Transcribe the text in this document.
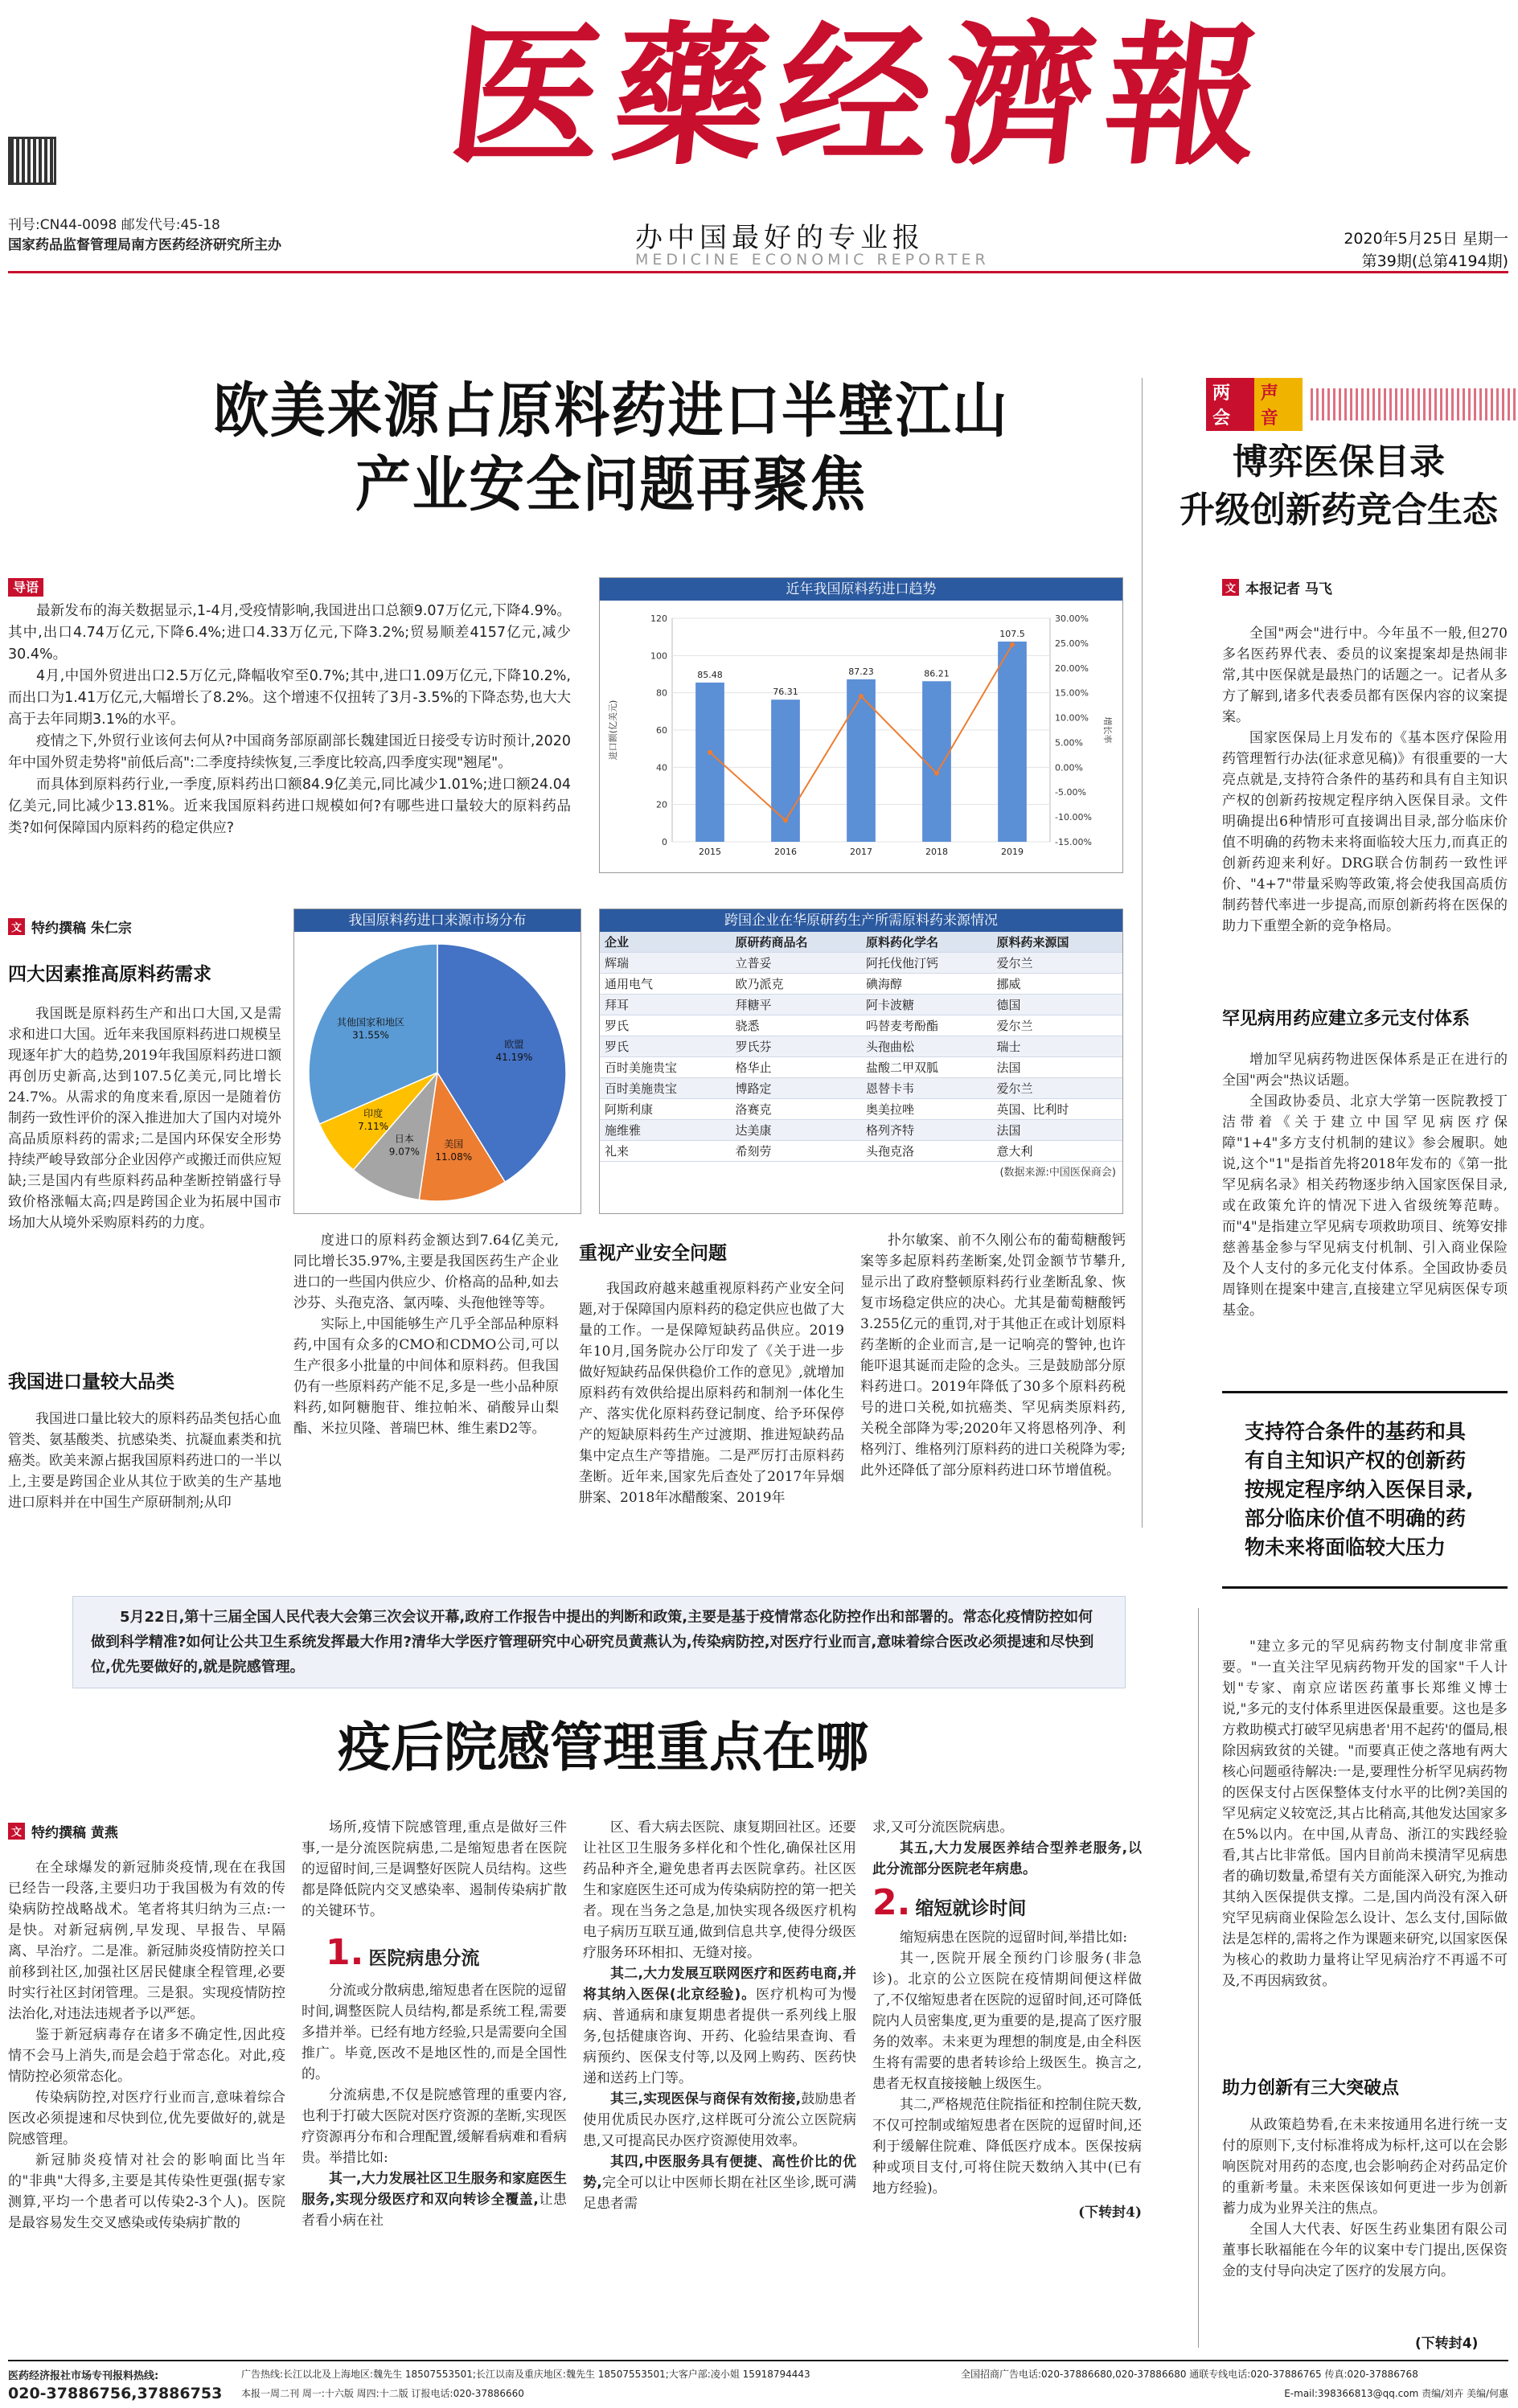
刊号:CN44-0098 邮发代号:45-18
国家药品监督管理局南方医药经济研究所主办
医藥经濟報
办中国最好的专业报
MEDICINE ECONOMIC REPORTER
2020年5月25日 星期一
第39期(总第4194期)
欧美来源占原料药进口半壁江山
产业安全问题再聚焦
导语

最新发布的海关数据显示,1-4月,受疫情影响,我国进出口总额9.07万亿元,下降4.9%。其中,出口4.74万亿元,下降6.4%;进口4.33万亿元,下降3.2%;贸易顺差4157亿元,减少30.4%。

4月,中国外贸进出口2.5万亿元,降幅收窄至0.7%;其中,进口1.09万亿元,下降10.2%,而出口为1.41万亿元,大幅增长了8.2%。这个增速不仅扭转了3月-3.5%的下降态势,也大大高于去年同期3.1%的水平。

疫情之下,外贸行业该何去何从?中国商务部原副部长魏建国近日接受专访时预计,2020年中国外贸走势将"前低后高":二季度持续恢复,三季度比较高,四季度实现"翘尾"。

而具体到原料药行业,一季度,原料药出口额84.9亿美元,同比减少1.01%;进口额24.04亿美元,同比减少13.81%。近来我国原料药进口规模如何?有哪些进口量较大的原料药品类?如何保障国内原料药的稳定供应?

近年我国原料药进口趋势
0
20
40
60
80
100
120	30.00%
25.00%
20.00%
15.00%
10.00%
5.00%
0.00%
-5.00%
-10.00%
-15.00%
进口额(亿美元)	增长率
85.48
2015
76.31
2016
87.23
2017
86.21
2018
107.5
2019
文 特约撰稿 朱仁宗
四大因素推高原料药需求

我国既是原料药生产和出口大国,又是需求和进口大国。近年来我国原料药进口规模呈现逐年扩大的趋势,2019年我国原料药进口额再创历史新高,达到107.5亿美元,同比增长24.7%。从需求的角度来看,原因一是随着仿制药一致性评价的深入推进加大了国内对境外高品质原料药的需求;二是国内环保安全形势持续严峻导致部分企业因停产或搬迁而供应短缺;三是国内有些原料药品种垄断控销盛行导致价格涨幅太高;四是跨国企业为拓展中国市场加大从境外采购原料药的力度。

我国进口量较大品类

我国进口量比较大的原料药品类包括心血管类、氨基酸类、抗感染类、抗凝血素类和抗癌类。欧美来源占据我国原料药进口的一半以上,主要是跨国企业从其位于欧美的生产基地进口原料并在中国生产原研制剂;从印

我国原料药进口来源市场分布
欧盟
41.19%
美国
11.08%
日本
9.07%
印度
7.11%
其他国家和地区
31.55%
跨国企业在华原研药生产所需原料药来源情况
企业	原研药商品名	原料药化学名	原料药来源国
辉瑞	立普妥	阿托伐他汀钙	爱尔兰
通用电气	欧乃派克	碘海醇	挪威
拜耳	拜糖平	阿卡波糖	德国
罗氏	骁悉	吗替麦考酚酯	爱尔兰
罗氏	罗氏芬	头孢曲松	瑞士
百时美施贵宝	格华止	盐酸二甲双胍	法国
百时美施贵宝	博路定	恩替卡韦	爱尔兰
阿斯利康	洛赛克	奥美拉唑	英国、比利时
施维雅	达美康	格列齐特	法国
礼来	希刻劳	头孢克洛	意大利
(数据来源:中国医保商会)

度进口的原料药金额达到7.64亿美元,同比增长35.97%,主要是我国医药生产企业进口的一些国内供应少、价格高的品种,如去沙芬、头孢克洛、氯丙嗪、头孢他锉等等。

实际上,中国能够生产几乎全部品种原料药,中国有众多的CMO和CDMO公司,可以生产很多小批量的中间体和原料药。但我国仍有一些原料药产能不足,多是一些小品种原料药,如阿糖胞苷、维拉帕米、硝酸异山梨酯、米拉贝隆、普瑞巴林、维生素D2等。

重视产业安全问题

我国政府越来越重视原料药产业安全问题,对于保障国内原料药的稳定供应也做了大量的工作。一是保障短缺药品供应。2019年10月,国务院办公厅印发了《关于进一步做好短缺药品保供稳价工作的意见》,就增加原料药有效供给提出原料药和制剂一体化生产、落实优化原料药登记制度、给予环保停产的短缺原料药生产过渡期、推进短缺药品集中定点生产等措施。二是严厉打击原料药垄断。近年来,国家先后查处了2017年异烟肼案、2018年冰醋酸案、2019年

扑尔敏案、前不久刚公布的葡萄糖酸钙案等多起原料药垄断案,处罚金额节节攀升,显示出了政府整顿原料药行业垄断乱象、恢复市场稳定供应的决心。尤其是葡萄糖酸钙3.255亿元的重罚,对于其他正在或计划原料药垄断的企业而言,是一记响亮的警钟,也许能吓退其诞而走险的念头。三是鼓励部分原料药进口。2019年降低了30多个原料药税号的进口关税,如抗癌类、罕见病类原料药,关税全部降为零;2020年又将恩格列净、利格列汀、维格列汀原料药的进口关税降为零;此外还降低了部分原料药进口环节增值税。

两会
声音
博弈医保目录
升级创新药竞合生态
文 本报记者 马飞

全国"两会"进行中。今年虽不一般,但270多名医药界代表、委员的议案提案却是热闹非常,其中医保就是最热门的话题之一。记者从多方了解到,诸多代表委员都有医保内容的议案提案。

国家医保局上月发布的《基本医疗保险用药管理暂行办法(征求意见稿)》有很重要的一大亮点就是,支持符合条件的基药和具有自主知识产权的创新药按规定程序纳入医保目录。文件明确提出6种情形可直接调出目录,部分临床价值不明确的药物未来将面临较大压力,而真正的创新药迎来利好。DRG联合仿制药一致性评价、"4+7"带量采购等政策,将会使我国高质仿制药替代率进一步提高,而原创新药将在医保的助力下重塑全新的竞争格局。

罕见病用药应建立多元支付体系

增加罕见病药物进医保体系是正在进行的全国"两会"热议话题。

全国政协委员、北京大学第一医院教授丁洁带着《关于建立中国罕见病医疗保障"1+4"多方支付机制的建议》参会履职。她说,这个"1"是指首先将2018年发布的《第一批罕见病名录》相关药物逐步纳入国家医保目录,或在政策允许的情况下进入省级统筹范畴。而"4"是指建立罕见病专项救助项目、统筹安排慈善基金参与罕见病支付机制、引入商业保险及个人支付的多元化支付体系。全国政协委员周锋则在提案中建言,直接建立罕见病医保专项基金。

支持符合条件的基药和具有自主知识产权的创新药按规定程序纳入医保目录,部分临床价值不明确的药物未来将面临较大压力

"建立多元的罕见病药物支付制度非常重要。"一直关注罕见病药物开发的国家"千人计划"专家、南京应诺医药董事长郑维义博士说,"多元的支付体系里进医保最重要。这也是多方救助模式打破罕见病患者'用不起药'的僵局,根除因病致贫的关键。"而要真正使之落地有两大核心问题亟待解决:一是,要理性分析罕见病药物的医保支付占医保整体支付水平的比例?美国的罕见病定义较宽泛,其占比稍高,其他发达国家多在5%以内。在中国,从青岛、浙江的实践经验看,其占比非常低。国内目前尚未摸清罕见病患者的确切数量,希望有关方面能深入研究,为推动其纳入医保提供支撑。二是,国内尚没有深入研究罕见病商业保险怎么设计、怎么支付,国际做法是怎样的,需将之作为课题来研究,以国家医保为核心的救助力量将让罕见病治疗不再遥不可及,不再因病致贫。

助力创新有三大突破点

从政策趋势看,在未来按通用名进行统一支付的原则下,支付标准将成为标杆,这可以在会影响医院对用药的态度,也会影响药企对药品定价的重新考量。未来医保该如何更进一步为创新蓄力成为业界关注的焦点。

全国人大代表、好医生药业集团有限公司董事长耿福能在今年的议案中专门提出,医保资金的支付导向决定了医疗的发展方向。

(下转封4)
5月22日,第十三届全国人民代表大会第三次会议开幕,政府工作报告中提出的判断和政策,主要是基于疫情常态化防控作出和部署的。常态化疫情防控如何做到科学精准?如何让公共卫生系统发挥最大作用?清华大学医疗管理研究中心研究员黄燕认为,传染病防控,对医疗行业而言,意味着综合医改必须提速和尽快到位,优先要做好的,就是院感管理。
疫后院感管理重点在哪
文 特约撰稿 黄燕

在全球爆发的新冠肺炎疫情,现在在我国已经告一段落,主要归功于我国极为有效的传染病防控战略战术。笔者将其归纳为三点:一是快。对新冠病例,早发现、早报告、早隔离、早治疗。二是准。新冠肺炎疫情防控关口前移到社区,加强社区居民健康全程管理,必要时实行社区封闭管理。三是狠。实现疫情防控法治化,对违法违规者予以严惩。

鉴于新冠病毒存在诸多不确定性,因此疫情不会马上消失,而是会趋于常态化。对此,疫情防控必须常态化。

传染病防控,对医疗行业而言,意味着综合医改必须提速和尽快到位,优先要做好的,就是院感管理。

新冠肺炎疫情对社会的影响面比当年的"非典"大得多,主要是其传染性更强(据专家测算,平均一个患者可以传染2-3个人)。医院是最容易发生交叉感染或传染病扩散的

场所,疫情下院感管理,重点是做好三件事,一是分流医院病患,二是缩短患者在医院的逗留时间,三是调整好医院人员结构。这些都是降低院内交叉感染率、遏制传染病扩散的关键环节。

1. 医院病患分流

分流或分散病患,缩短患者在医院的逗留时间,调整医院人员结构,都是系统工程,需要多措并举。已经有地方经验,只是需要向全国推广。毕竟,医改不是地区性的,而是全国性的。

分流病患,不仅是院感管理的重要内容,也利于打破大医院对医疗资源的垄断,实现医疗资源再分布和合理配置,缓解看病难和看病贵。举措比如:

其一,大力发展社区卫生服务和家庭医生服务,实现分级医疗和双向转诊全覆盖,让患者看小病在社

区、看大病去医院、康复期回社区。还要让社区卫生服务多样化和个性化,确保社区用药品种齐全,避免患者再去医院拿药。社区医生和家庭医生还可成为传染病防控的第一把关者。现在当务之急是,加快实现各级医疗机构电子病历互联互通,做到信息共享,使得分级医疗服务环环相扣、无缝对接。

其二,大力发展互联网医疗和医药电商,并将其纳入医保(北京经验)。医疗机构可为慢病、普通病和康复期患者提供一系列线上服务,包括健康咨询、开药、化验结果查询、看病预约、医保支付等,以及网上购药、医药快递和送药上门等。

其三,实现医保与商保有效衔接,鼓励患者使用优质民办医疗,这样既可分流公立医院病患,又可提高民办医疗资源使用效率。

其四,中医服务具有便捷、高性价比的优势,完全可以让中医师长期在社区坐诊,既可满足患者需

求,又可分流医院病患。

其五,大力发展医养结合型养老服务,以此分流部分医院老年病患。

2. 缩短就诊时间

缩短病患在医院的逗留时间,举措比如:

其一,医院开展全预约门诊服务(非急诊)。北京的公立医院在疫情期间便这样做了,不仅缩短患者在医院的逗留时间,还可降低院内人员密集度,更为重要的是,提高了医疗服务的效率。未来更为理想的制度是,由全科医生将有需要的患者转诊给上级医生。换言之,患者无权直接接触上级医生。

其二,严格规范住院指征和控制住院天数,不仅可控制或缩短患者在医院的逗留时间,还利于缓解住院难、降低医疗成本。医保按病种或项目支付,可将住院天数纳入其中(已有地方经验)。

(下转封4)
医药经济报社市场专刊报料热线:
020-37886756,37886753
广告热线:长江以北及上海地区:魏先生 18507553501;长江以南及重庆地区:魏先生 18507553501;大客户部:凌小姐 15918794443
本报一周二刊 周一:十六版 周四:十二版 订报电话:020-37886660
全国招商广告电话:020-37886680,020-37886680 通联专线电话:020-37886765 传真:020-37886768
E-mail:398366813@qq.com 责编/刘卉 美编/何惠
